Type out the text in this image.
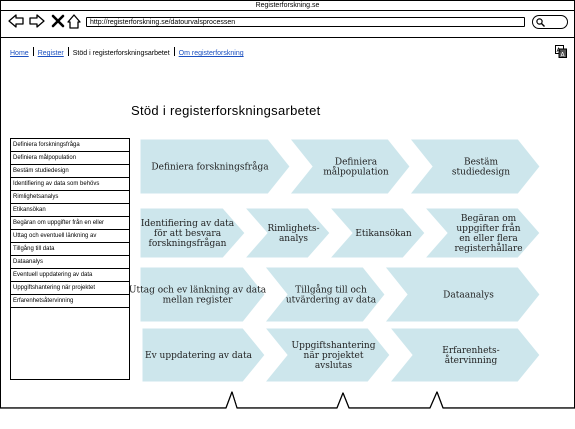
Registerforskning.se
http://registerforskning.se/datourvalsprocessen
Home Register Stöd i registerforskningsarbetet Om registerforskning	A
A
Stöd i registerforskningsarbetet
Definiera forskningsfråga
Definiera målpopulation
Bestäm studiedesign
Identifiering av data som behövs
Rimlighetsanalys
Etikansökan
Begäran om uppgifter från en eller
Uttag och eventuell länkning av
Tillgång till data
Dataanalys
Eventuell uppdatering av data
Uppgiftshantering när projektet
Erfarenhetsåtervinning
Definiera forskningsfråga	Definiera
målpopulation
Bestäm
studiedesign
Identifiering av data
för att besvara
forskningsfrågan
Rimlighets-
analys	Etikansökan
Begäran om
uppgifter från
en eller flera
registerhållare
Uttag och ev länkning av data
mellan register
Tillgång till och
utvärdering av data	Dataanalys
Ev uppdatering av data
Uppgiftshantering
när projektet
avslutas
Erfarenhets-
återvinning
